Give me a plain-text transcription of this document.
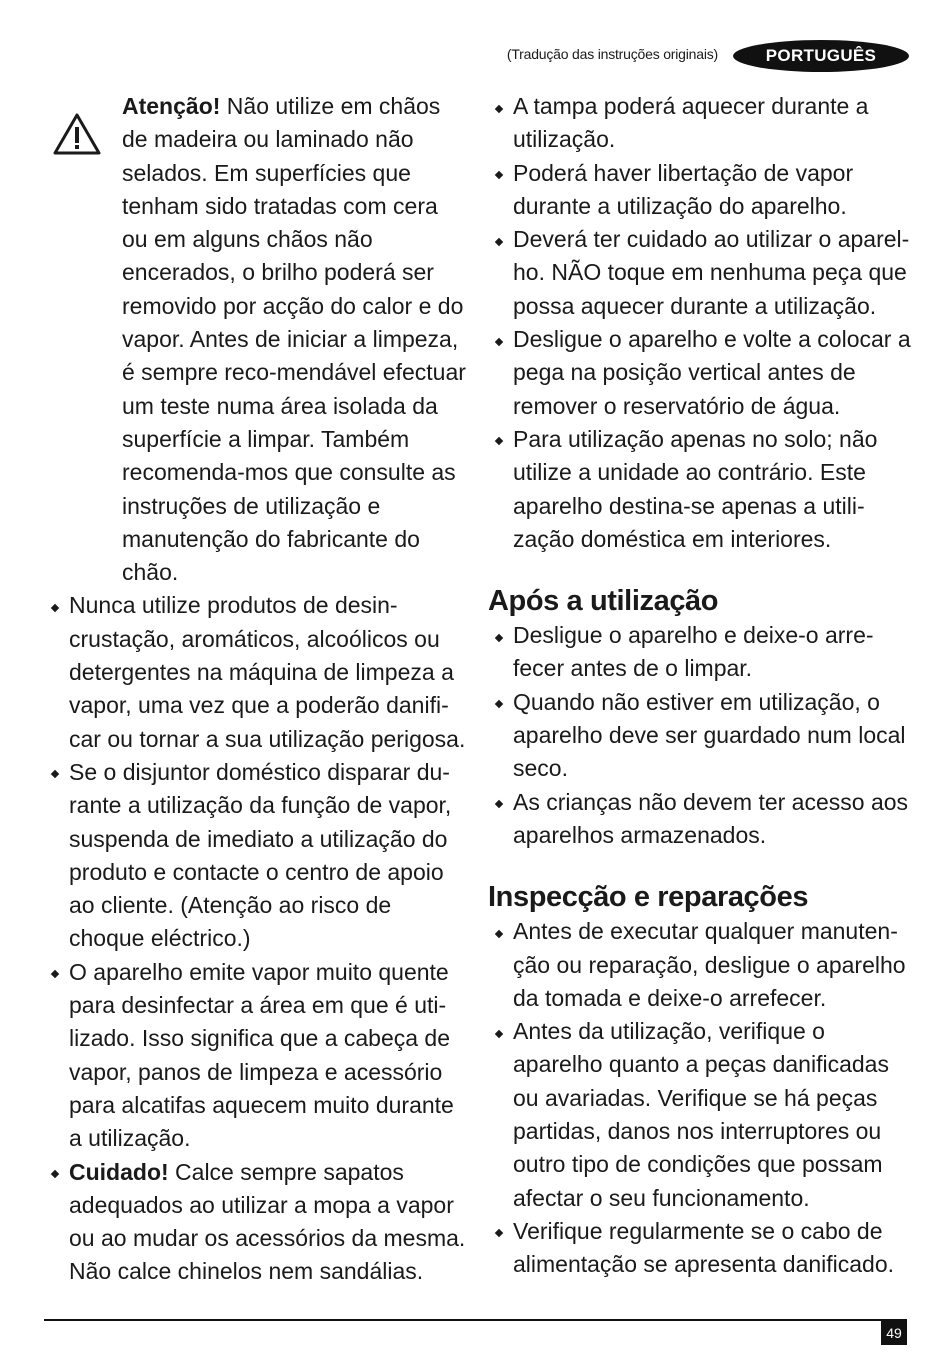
(Tradução das instruções originais)	PORTUGUÊS
Atenção! Não utilize em chãos de madeira ou laminado não selados. Em superfícies que tenham sido tratadas com cera ou em alguns chãos não encerados, o brilho poderá ser removido por acção do calor e do vapor. Antes de iniciar a limpeza, é sempre reco-mendável efectuar um teste numa área isolada da superfície a limpar. Também recomenda-mos que consulte as instruções de utilização e manutenção do fabricante do chão.
Nunca utilize produtos de desin-crustação, aromáticos, alcoólicos ou detergentes na máquina de limpeza a vapor, uma vez que a poderão danifi-car ou tornar a sua utilização perigosa.
Se o disjuntor doméstico disparar du-rante a utilização da função de vapor, suspenda de imediato a utilização do produto e contacte o centro de apoio ao cliente. (Atenção ao risco de choque eléctrico.)
O aparelho emite vapor muito quente para desinfectar a área em que é uti-lizado. Isso significa que a cabeça de vapor, panos de limpeza e acessório para alcatifas aquecem muito durante a utilização.
Cuidado! Calce sempre sapatos adequados ao utilizar a mopa a vapor ou ao mudar os acessórios da mesma. Não calce chinelos nem sandálias.
A tampa poderá aquecer durante a utilização.
Poderá haver libertação de vapor durante a utilização do aparelho.
Deverá ter cuidado ao utilizar o aparel-ho. NÃO toque em nenhuma peça que possa aquecer durante a utilização.
Desligue o aparelho e volte a colocar a pega na posição vertical antes de remover o reservatório de água.
Para utilização apenas no solo; não utilize a unidade ao contrário. Este aparelho destina-se apenas a utili-zação doméstica em interiores.
Após a utilização
Desligue o aparelho e deixe-o arre-fecer antes de o limpar.
Quando não estiver em utilização, o aparelho deve ser guardado num local seco.
As crianças não devem ter acesso aos aparelhos armazenados.
Inspecção e reparações
Antes de executar qualquer manuten-ção ou reparação, desligue o aparelho da tomada e deixe-o arrefecer.
Antes da utilização, verifique o aparelho quanto a peças danificadas ou avariadas. Verifique se há peças partidas, danos nos interruptores ou outro tipo de condições que possam afectar o seu funcionamento.
Verifique regularmente se o cabo de alimentação se apresenta danificado.
49
